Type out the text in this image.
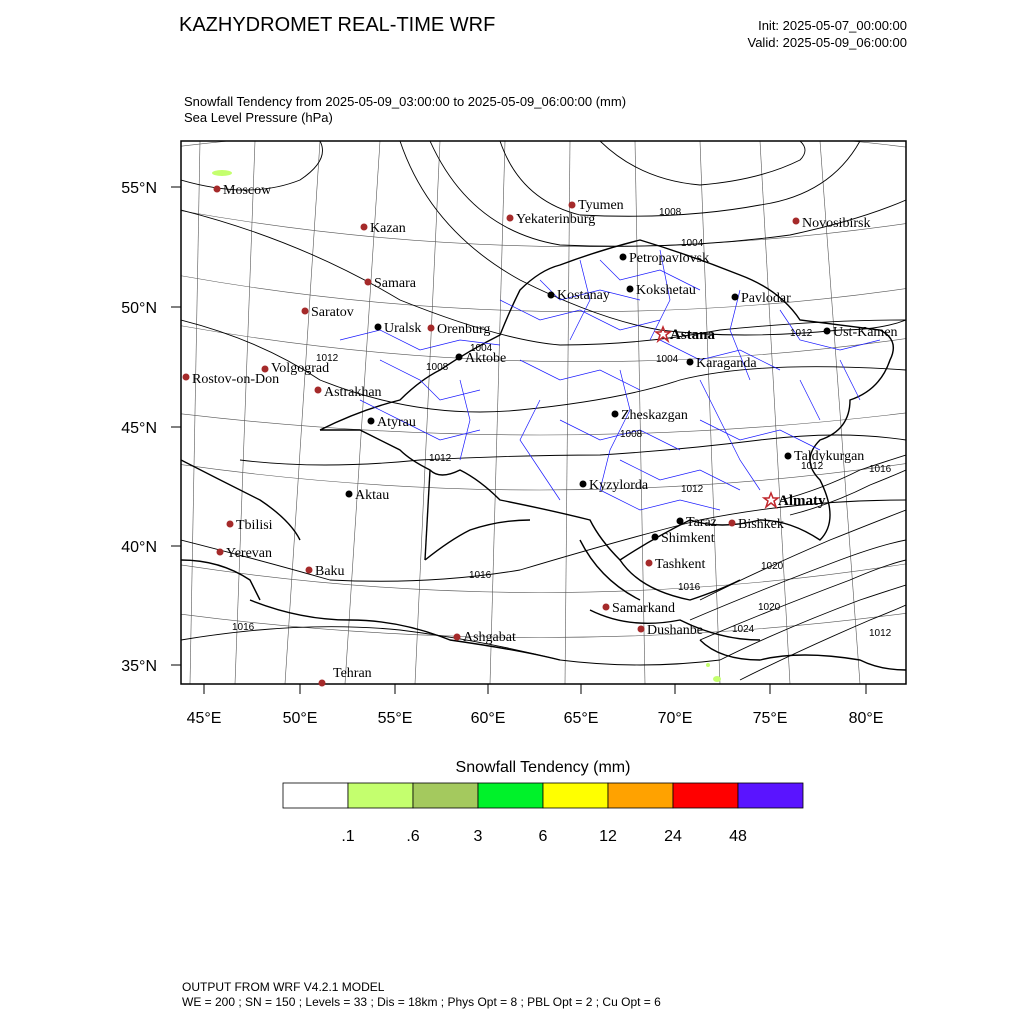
KAZHYDROMET REAL-TIME WRF	Init: 2025-05-07_00:00:00
Valid: 2025-05-09_06:00:00
Snowfall Tendency from 2025-05-09_03:00:00 to 2025-05-09_06:00:00 (mm)
Sea Level Pressure (hPa)
55°N
50°N
45°N
40°N
35°N
45°E	50°E	55°E	60°E	65°E	70°E	75°E	80°E
1008
1004
1004
1004
1008
1008
1012
1012
1012
1016
1016
1012
1012
1016
1020
1020
1024
1012
1016
Moscow
Kazan
Samara
Saratov
Volgograd
Rostov-on-Don
Astrakhan
Tyumen
Yekaterinburg	Novosibirsk
Orenburg
Tbilisi
Yerevan
Baku
Tehran
Ashgabat
Samarkand
Dushanbe
Tashkent
Bishkek
Petropavlovsk
Kostanay Kokshetau
Pavlodar
Uralsk
Aktobe	Karaganda
Ust-Kamen
Atyrau	Zheskazgan
Taldykurgan
Aktau
Kyzylorda
Taraz
Shimkent
Astana
Almaty
.1	.6	3	6	12	24	48
Snowfall Tendency (mm)
OUTPUT FROM WRF V4.2.1 MODEL
WE = 200 ; SN = 150 ; Levels = 33 ; Dis = 18km ; Phys Opt = 8 ; PBL Opt = 2 ; Cu Opt = 6
